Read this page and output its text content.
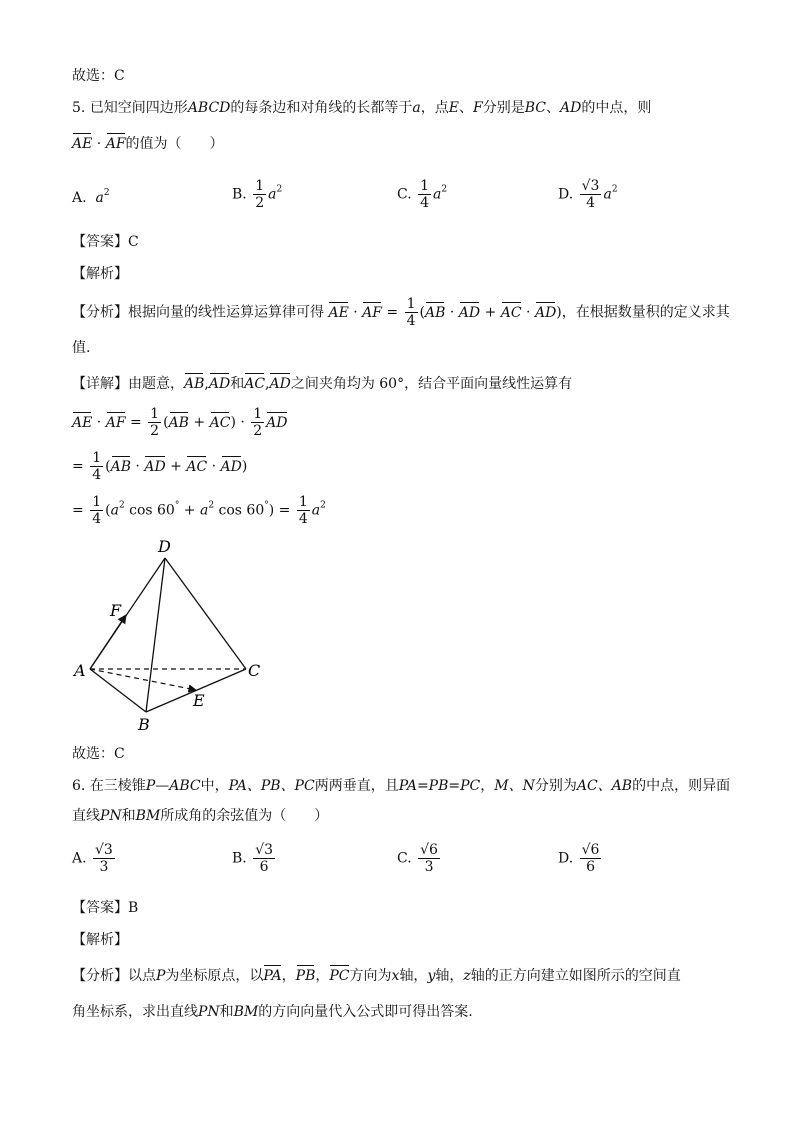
故选：C
5. 已知空间四边形ABCD的每条边和对角线的长都等于a，点E、F分别是BC、AD的中点，则
AE · AF的值为（　　）
A. $a^2$	B. $\frac{1}{2} a^2$	C. $\frac{1}{4} a^2$	D. $\frac{√3}{4} a^2$
【答案】C
【解析】
【分析】根据向量的线性运算运算律可得 AE · AF = $\frac{1}{4} (AB$ · AD + AC · AD)，在根据数量积的定义求其
值.
【详解】由题意，AB,AD和AC,AD之间夹角均为 60°，结合平面向量线性运算有
AE · AF = $\frac{1}{2} (AB + AC) \cdot \frac{1}{2}$ AD
= $\frac{1}{4} (AB$ · AD + AC · AD)
= $\frac{1}{4} (a^2$ $\cos 60^\circ + a^2$ $\cos 60^\circ) = \frac{1}{4} a^2$
D
F
A	C
E
B
故选：C
6. 在三棱锥P—ABC中，PA、PB、PC两两垂直，且PA=PB=PC，M、N分别为AC、AB的中点，则异面
直线PN和BM所成角的余弦值为（　　）
A. $\frac{√3}{3}$	B. $\frac{√3}{6}$	C. $\frac{√6}{3}$	D. $\frac{√6}{6}$
【答案】B
【解析】
【分析】以点P为坐标原点，以PA，PB，PC方向为x轴，y轴，z轴的正方向建立如图所示的空间直
角坐标系，求出直线PN和BM的方向向量代入公式即可得出答案.
